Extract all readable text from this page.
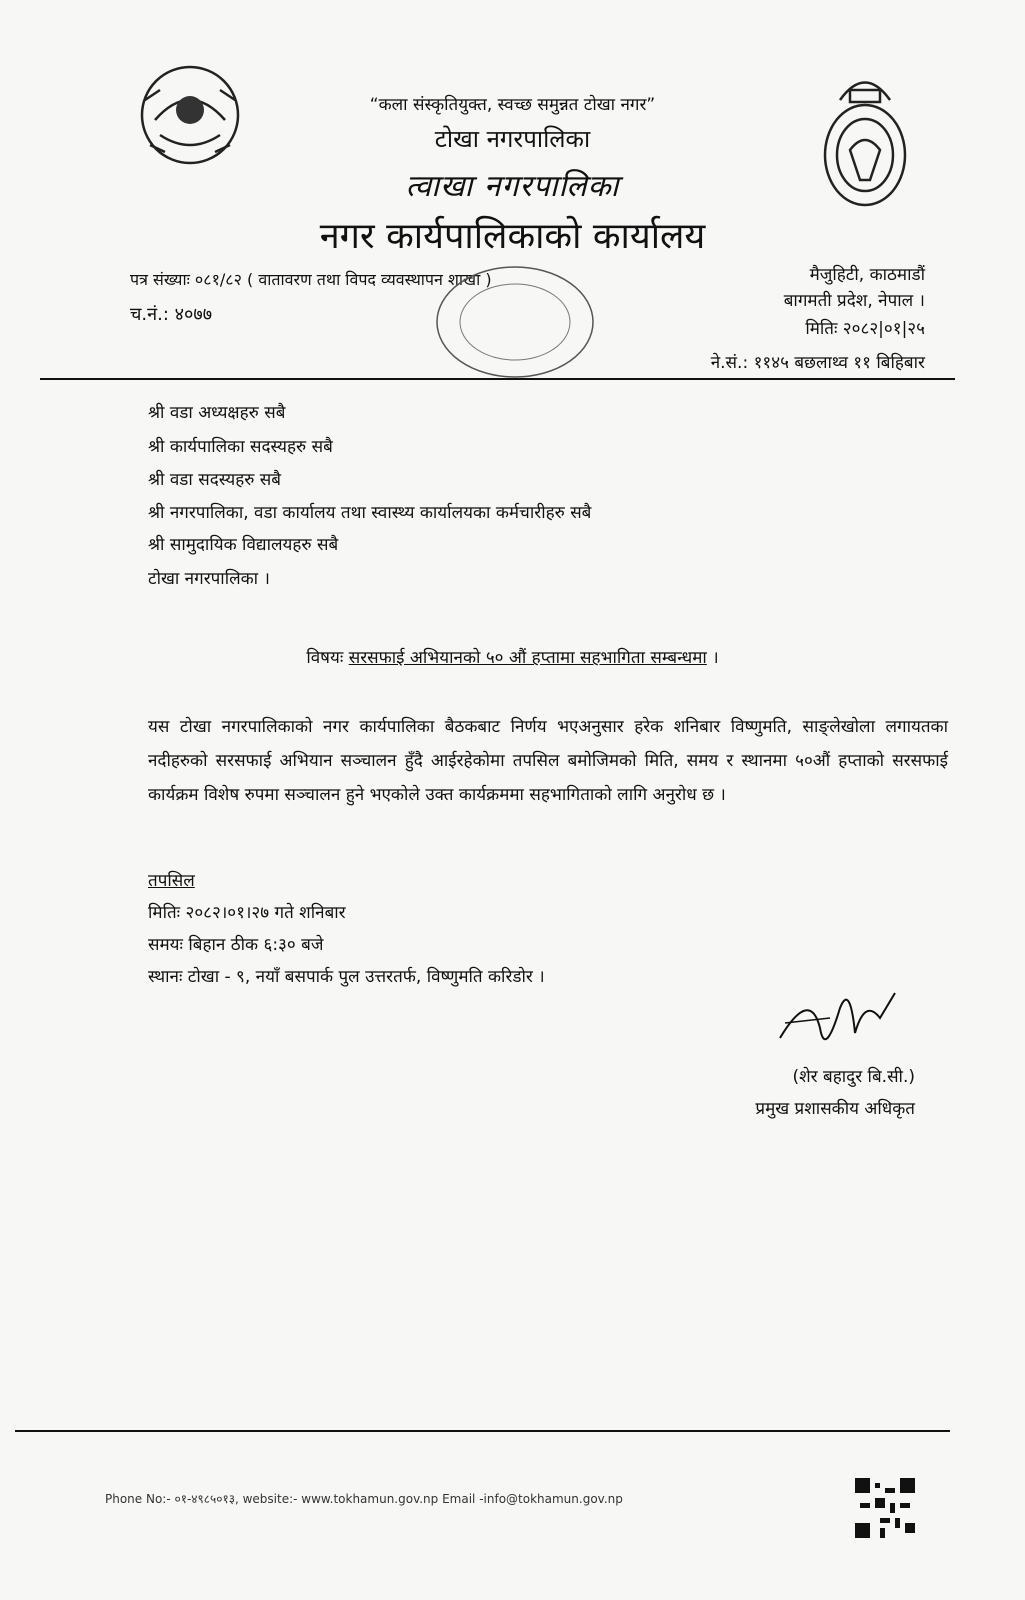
“कला संस्कृतियुक्त, स्वच्छ समुन्नत टोखा नगर”
टोखा नगरपालिका
त्वाखा नगरपालिका
नगर कार्यपालिकाको कार्यालय
पत्र संख्याः ०८१/८२ ( वातावरण तथा विपद व्यवस्थापन शाखा )
च.नं.: ४०७७
मैजुहिटी, काठमाडौं
बागमती प्रदेश, नेपाल ।
मितिः २०८२|०१|२५
ने.सं.: ११४५ बछलाथ्व ११ बिहिबार
श्री वडा अध्यक्षहरु सबै
श्री कार्यपालिका सदस्यहरु सबै
श्री वडा सदस्यहरु सबै
श्री नगरपालिका, वडा कार्यालय तथा स्वास्थ्य कार्यालयका कर्मचारीहरु सबै
श्री सामुदायिक विद्यालयहरु सबै
टोखा नगरपालिका ।
विषयः सरसफाई अभियानको ५० औं हप्तामा सहभागिता सम्बन्धमा ।
यस टोखा नगरपालिकाको नगर कार्यपालिका बैठकबाट निर्णय भएअनुसार हरेक शनिबार विष्णुमति, साङ्लेखोला लगायतका नदीहरुको सरसफाई अभियान सञ्चालन हुँदै आईरहेकोमा तपसिल बमोजिमको मिति, समय र स्थानमा ५०औं हप्ताको सरसफाई कार्यक्रम विशेष रुपमा सञ्चालन हुने भएकोले उक्त कार्यक्रममा सहभागिताको लागि अनुरोध छ ।
तपसिल
मितिः २०८२।०१।२७ गते शनिबार
समयः बिहान ठीक ६:३० बजे
स्थानः टोखा - ९, नयाँ बसपार्क पुल उत्तरतर्फ, विष्णुमति करिडोर ।
(शेर बहादुर बि.सी.)
प्रमुख प्रशासकीय अधिकृत
Phone No:- ०१-४९८५०१३, website:- www.tokhamun.gov.np Email -info@tokhamun.gov.np
